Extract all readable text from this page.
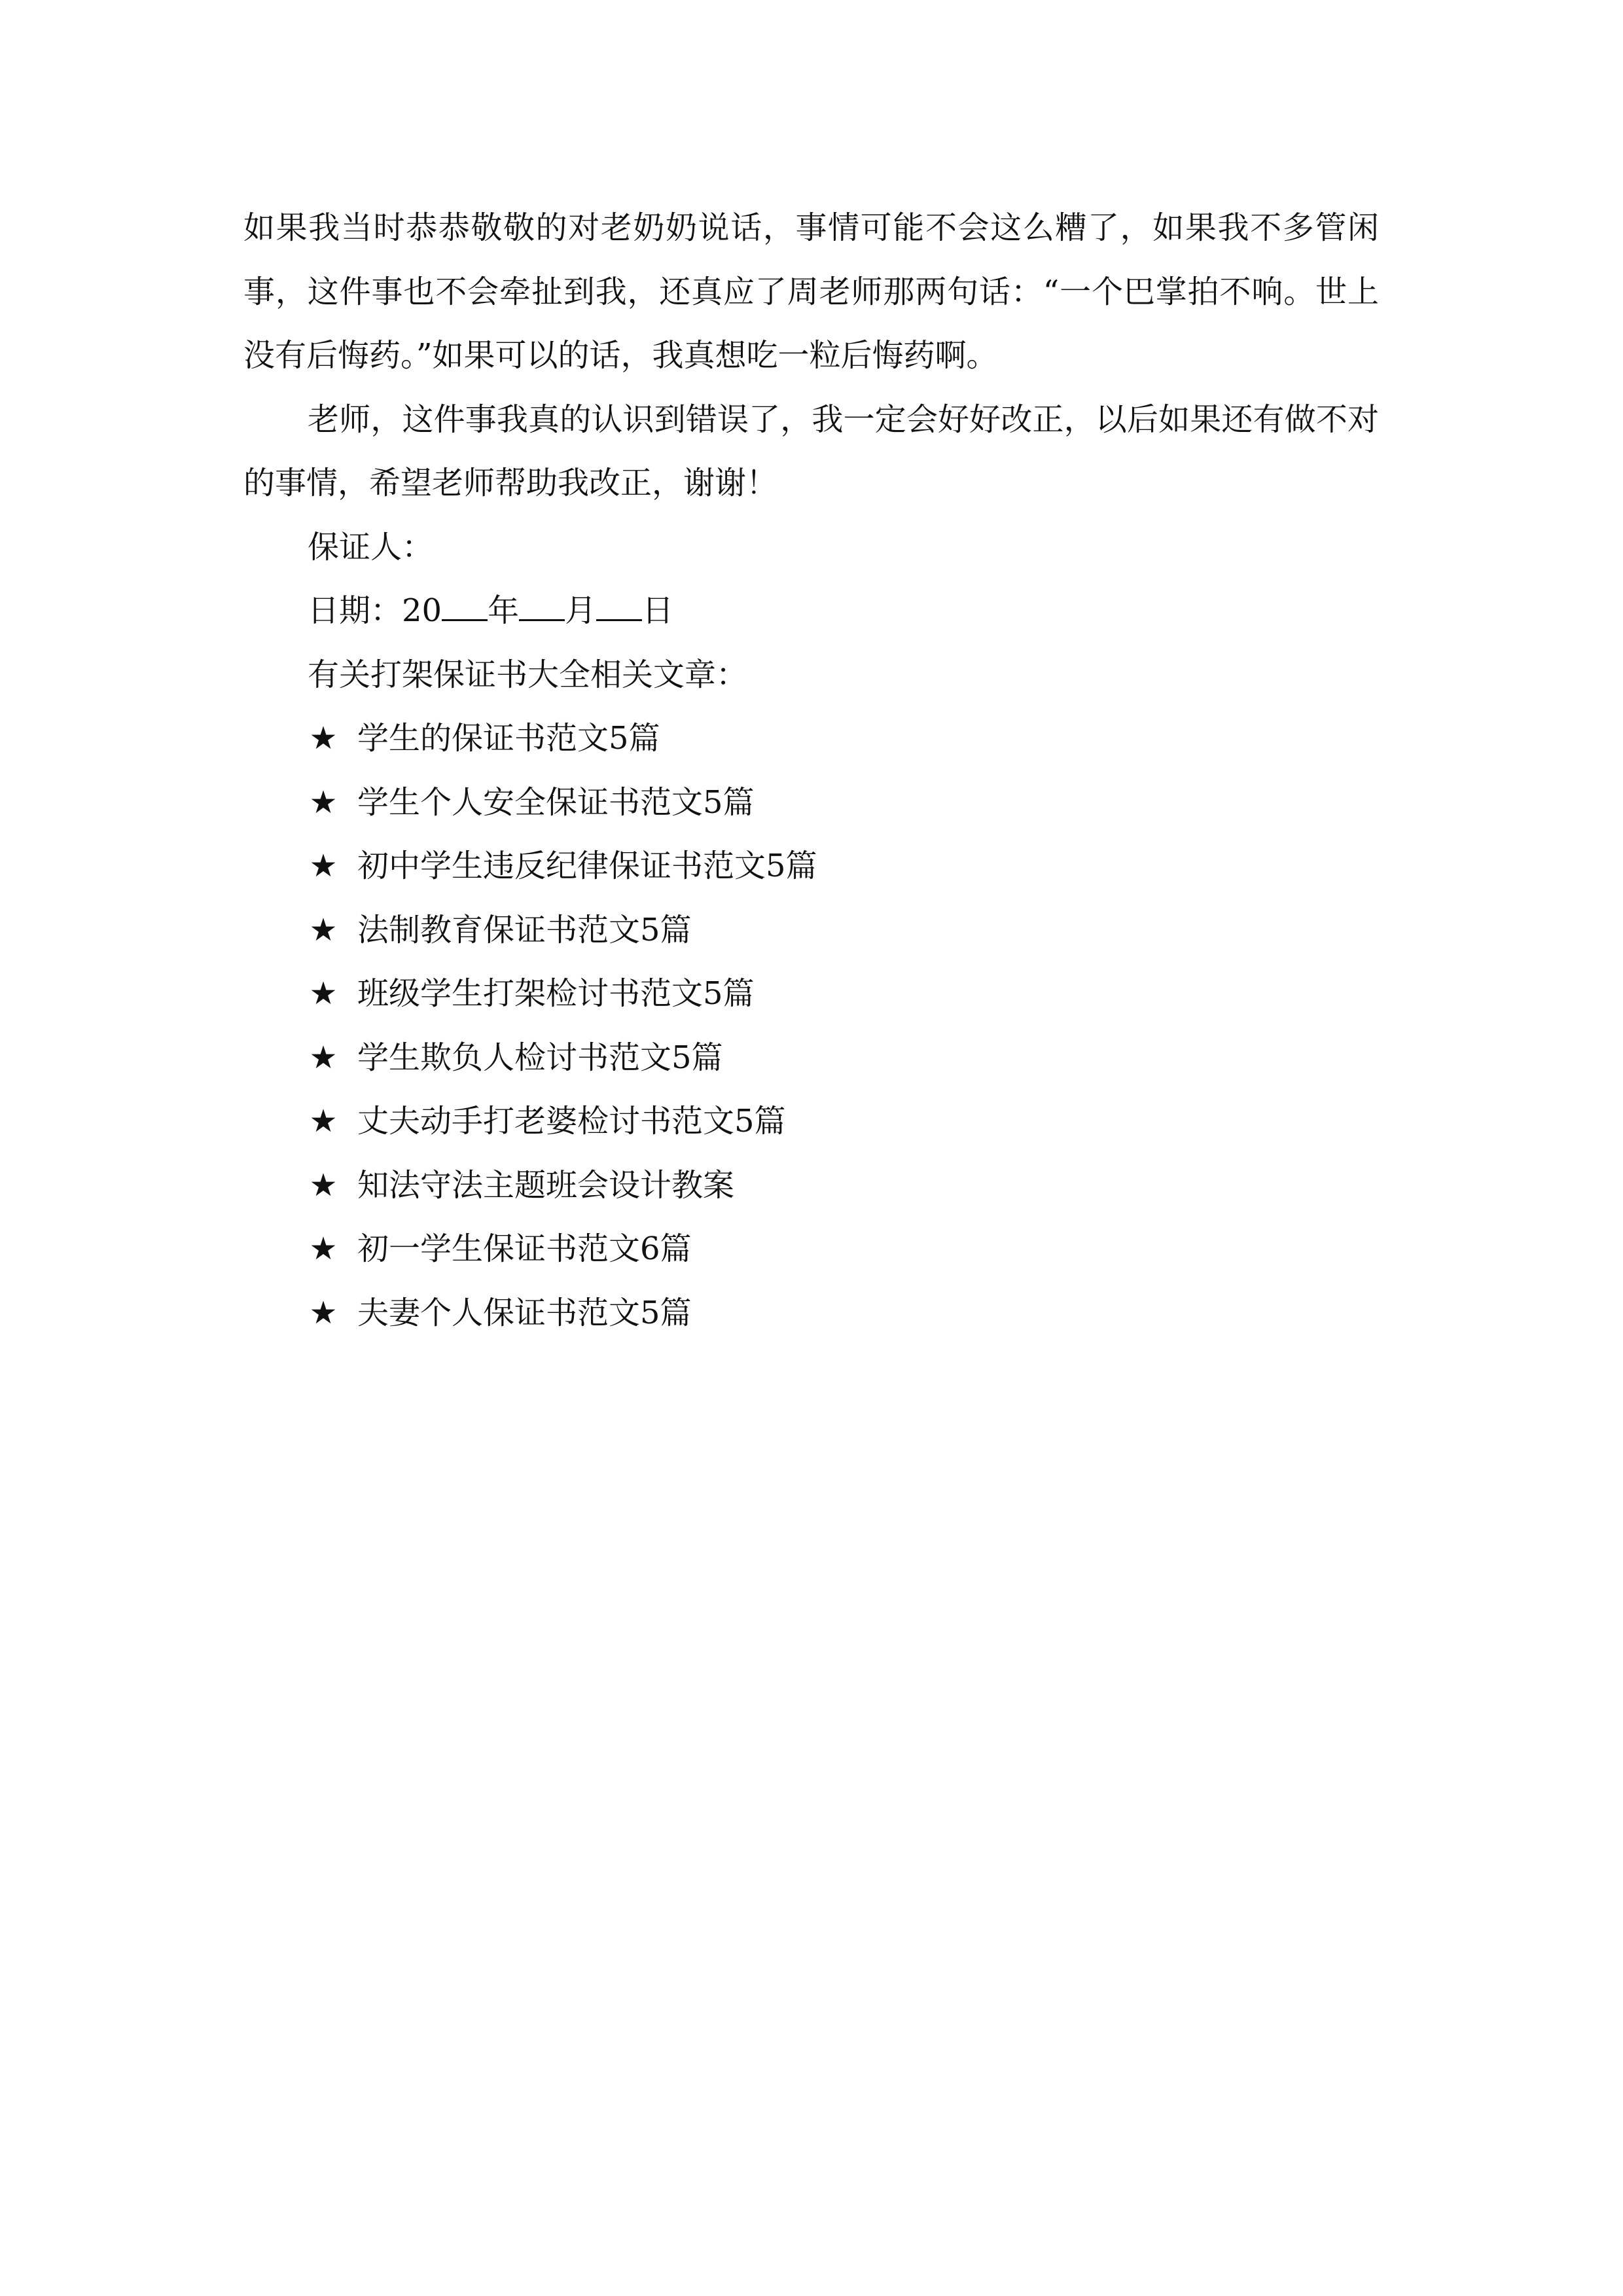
如果我当时恭恭敬敬的对老奶奶说话，事情可能不会这么糟了，如果我不多管闲事，这件事也不会牵扯到我，还真应了周老师那两句话：“一个巴掌拍不响。世上没有后悔药。”如果可以的话，我真想吃一粒后悔药啊。

老师，这件事我真的认识到错误了，我一定会好好改正，以后如果还有做不对的事情，希望老师帮助我改正，谢谢！

保证人：

日期：20 年 月 日

有关打架保证书大全相关文章：

★ 学生的保证书范文5篇
★ 学生个人安全保证书范文5篇
★ 初中学生违反纪律保证书范文5篇
★ 法制教育保证书范文5篇
★ 班级学生打架检讨书范文5篇
★ 学生欺负人检讨书范文5篇
★ 丈夫动手打老婆检讨书范文5篇
★ 知法守法主题班会设计教案
★ 初一学生保证书范文6篇
★ 夫妻个人保证书范文5篇
